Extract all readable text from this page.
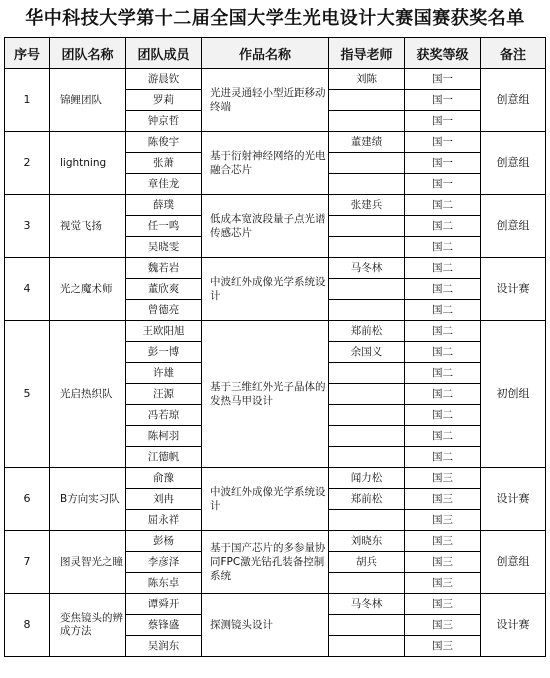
华中科技大学第十二届全国大学生光电设计大赛国赛获奖名单
序号	团队名称	团队成员	作品名称	指导老师	获奖等级	备注
1	锦鲤团队	游晨钦	光进灵通轻小型近距移动终端	刘陈	国一	创意组
		罗莉			国一	
		钟京哲			国一	
2	lightning	陈俊宇	基于衍射神经网络的光电融合芯片	董建绩	国一	创意组
		张萧			国一	
		章佳龙			国一	
3	视觉飞扬	薛璞	低成本宽波段量子点光谱传感芯片	张建兵	国二	创意组
		任一鸣			国二	
		吴晓雯			国二	
4	光之魔术师	魏若岩	中波红外成像光学系统设计	马冬林	国二	设计赛
		董欣爽			国二	
		曾德亮			国二	
5	光启热织队	王欧阳旭	基于三维红外光子晶体的发热马甲设计	郑前松	国二	初创组
		彭一博		余国义	国二	
		许雄			国二	
		汪源			国二	
		冯若琼			国二	
		陈柯羽			国二	
		江德帆			国二	
6	B方向实习队	俞豫	中波红外成像光学系统设计	闻力松	国三	设计赛
		刘冉		郑前松	国三	
		屈永祥			国三	
7	图灵智光之瞳	彭杨	基于国产芯片的多参量协同FPC激光钻孔装备控制系统	刘晓东	国三	创意组
		李彦泽		胡兵	国三	
		陈东卓			国三	
8	变焦镜头的辨成方法	谭舜开	探测镜头设计	马冬林	国三	设计赛
		蔡锋盛			国三	
		吴润东			国三	
